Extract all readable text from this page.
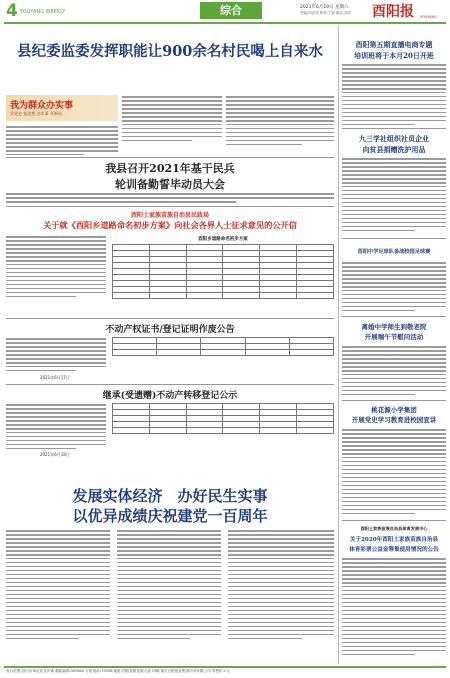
4 YOUYANG WEEKLY	综合	2021年6月19日 星期六
责编:向洪亮 校对:王莉 版式:周芳 酉阳报 YOUYANG
县纪委监委发挥职能让900余名村民喝上自来水
我为群众办实事
学党史 悟思想 办实事 开新局
我县召开2021年基干民兵
轮训备勤誓毕动员大会
酉阳土家族苗族自治县民政局
关于就《酉阳乡道路命名初步方案》向社会各界人士征求意见的公开信
酉阳乡道路命名初步方案

不动产权证书/登记证明作废公告

2021年6月17日
继承(受遗赠)不动产转移登记公示

2021年6月18日
发展实体经济　办好民生实事
以优异成绩庆祝建党一百周年
酉阳第五期直播电商专题
培训班将于本月20日开班
九三学社组织社员企业
向贫县捐赠洗护用品
酉阳中学足球队备战校园足球赛
离婚中学师生到敬老院
开展端午节慰问活动
桃花源小学集团
开展党史学习教育进校园宣讲
酉阳土家族苗族自治县体育发展中心
关于2020年酉阳土家族苗族自治县
体育彩票公益金筹集使用情况的公告
发行范围:县内各单位及各乡镇 邮政编码:409800 订报电话:75558 地址:酉阳县桃花源大道 印刷:重庆日报报业集团印务有限公司 零售价:1元
